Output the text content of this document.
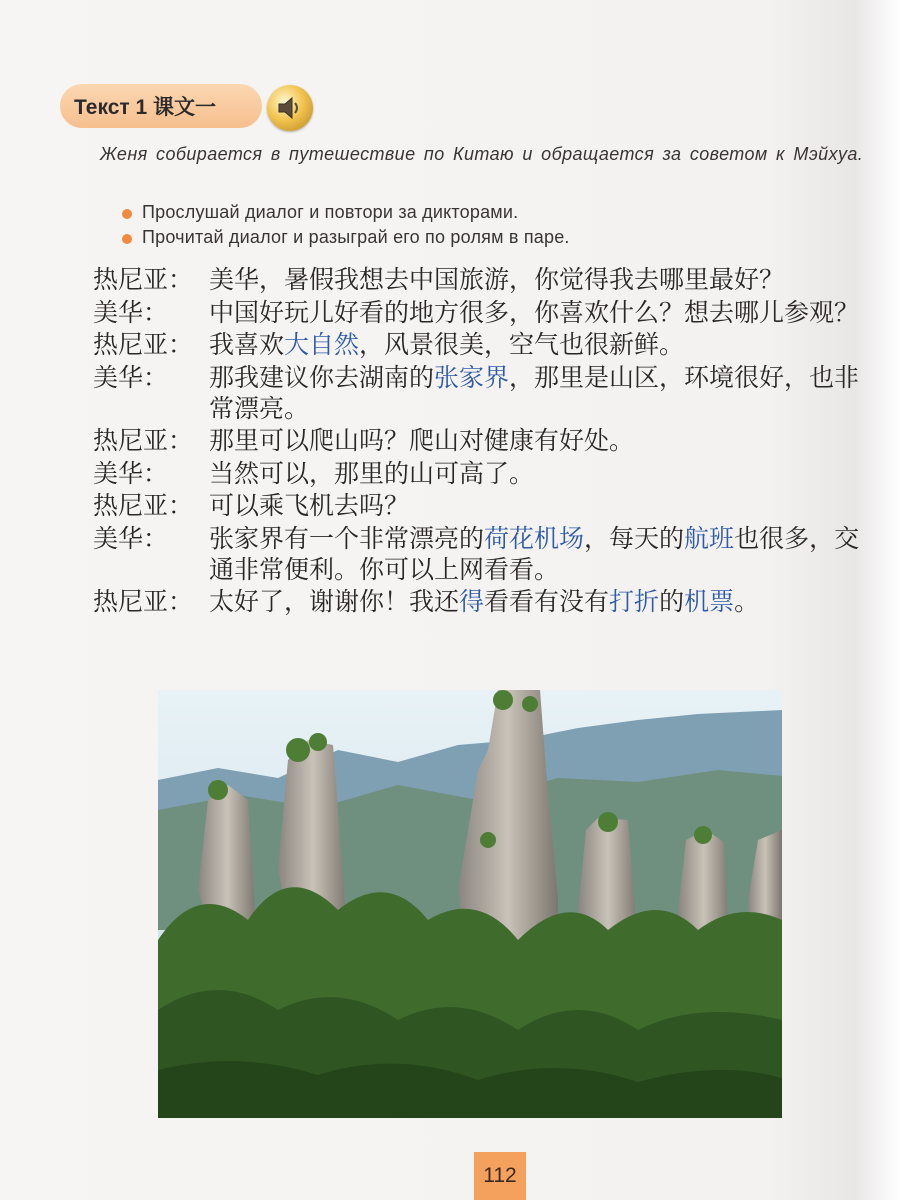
Текст 1 课文一
Женя собирается в путешествие по Китаю и обращается за советом к Мэйхуа.
Прослушай диалог и повтори за дикторами.
Прочитай диалог и разыграй его по ролям в паре.
热尼亚： 美华，暑假我想去中国旅游，你觉得我去哪里最好？
美华： 中国好玩儿好看的地方很多，你喜欢什么？想去哪儿参观？
热尼亚： 我喜欢大自然，风景很美，空气也很新鲜。
美华： 那我建议你去湖南的张家界，那里是山区，环境很好，也非常漂亮。
热尼亚： 那里可以爬山吗？爬山对健康有好处。
美华： 当然可以，那里的山可高了。
热尼亚： 可以乘飞机去吗？
美华： 张家界有一个非常漂亮的荷花机场，每天的航班也很多，交通非常便利。你可以上网看看。
热尼亚： 太好了，谢谢你！我还得看看有没有打折的机票。
112
